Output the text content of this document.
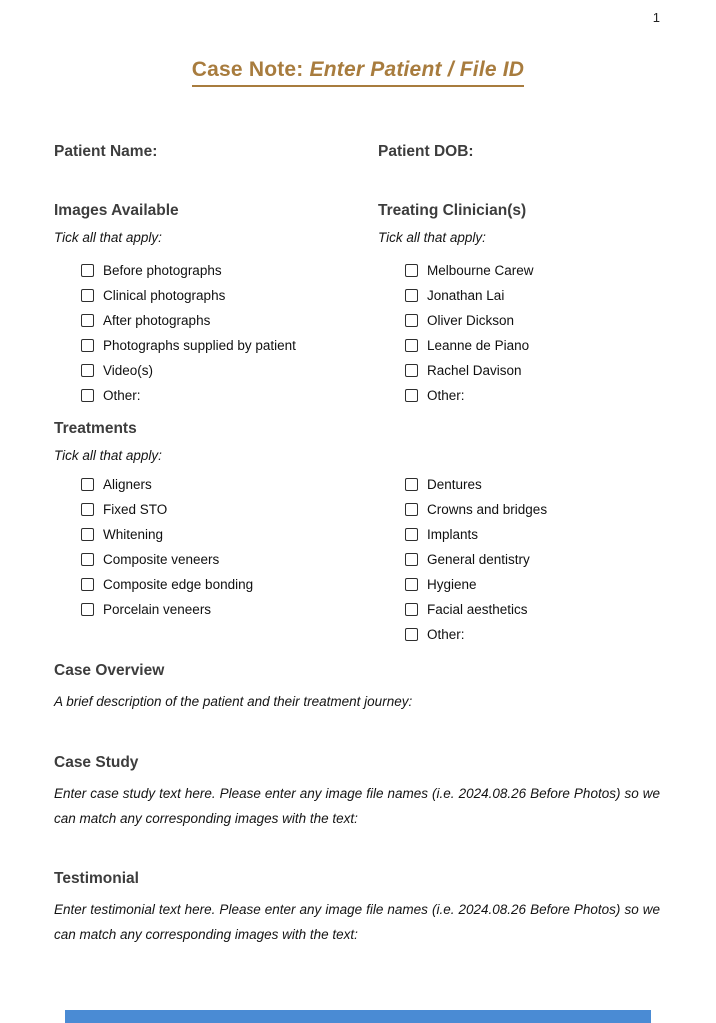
1
Case Note: Enter Patient / File ID
Patient Name:	Patient DOB:
Images Available

Tick all that apply:

Before photographs
Clinical photographs
After photographs
Photographs supplied by patient
Video(s)
Other:
Treating Clinician(s)

Tick all that apply:

Melbourne Carew
Jonathan Lai
Oliver Dickson
Leanne de Piano
Rachel Davison
Other:
Treatments

Tick all that apply:

Aligners
Fixed STO
Whitening
Composite veneers
Composite edge bonding
Porcelain veneers
Dentures
Crowns and bridges
Implants
General dentistry
Hygiene
Facial aesthetics
Other:
Case Overview

A brief description of the patient and their treatment journey:

Case Study

Enter case study text here. Please enter any image file names (i.e. 2024.08.26 Before Photos) so we can match any corresponding images with the text:

Testimonial

Enter testimonial text here. Please enter any image file names (i.e. 2024.08.26 Before Photos) so we can match any corresponding images with the text:
